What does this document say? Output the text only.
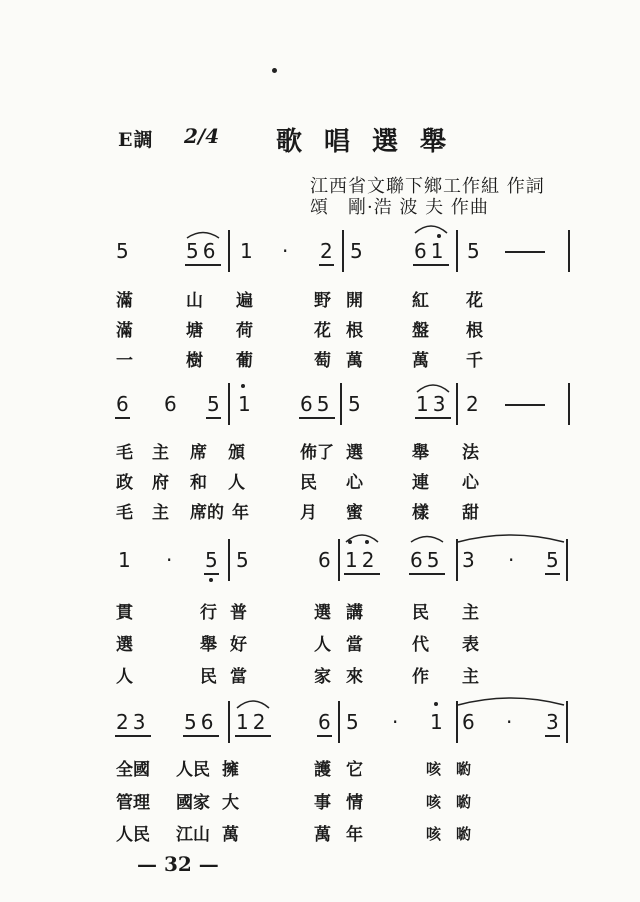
E調 2/4 歌唱選舉
江西省文聯下鄉工作組 作詞
頌　剛·浩 波 夫 作曲
5	56 1 · 2 5	61 5
滿	山 遍	野 開	紅 花
滿	塘 荷	花 根	盤 根
一	樹 葡	萄 萬	萬 千
6 6 5 1 65 5	13 2
毛 主 席 頒	佈了 選	舉 法
政 府 和 人	民 心	連 心
毛 主 席的 年	月 蜜	樣 甜
1 · 5 5	6 12 65 3 · 5
貫	行 普	選 講	民 主
選	舉 好	人 當	代 表
人	民 當	家 來	作 主
23 56 12 6 5 · 1 6 · 3
全國 人民 擁	護 它	咳 喲
管理 國家 大	事 情	咳 喲
人民 江山 萬	萬 年	咳 喲
— 32 —
